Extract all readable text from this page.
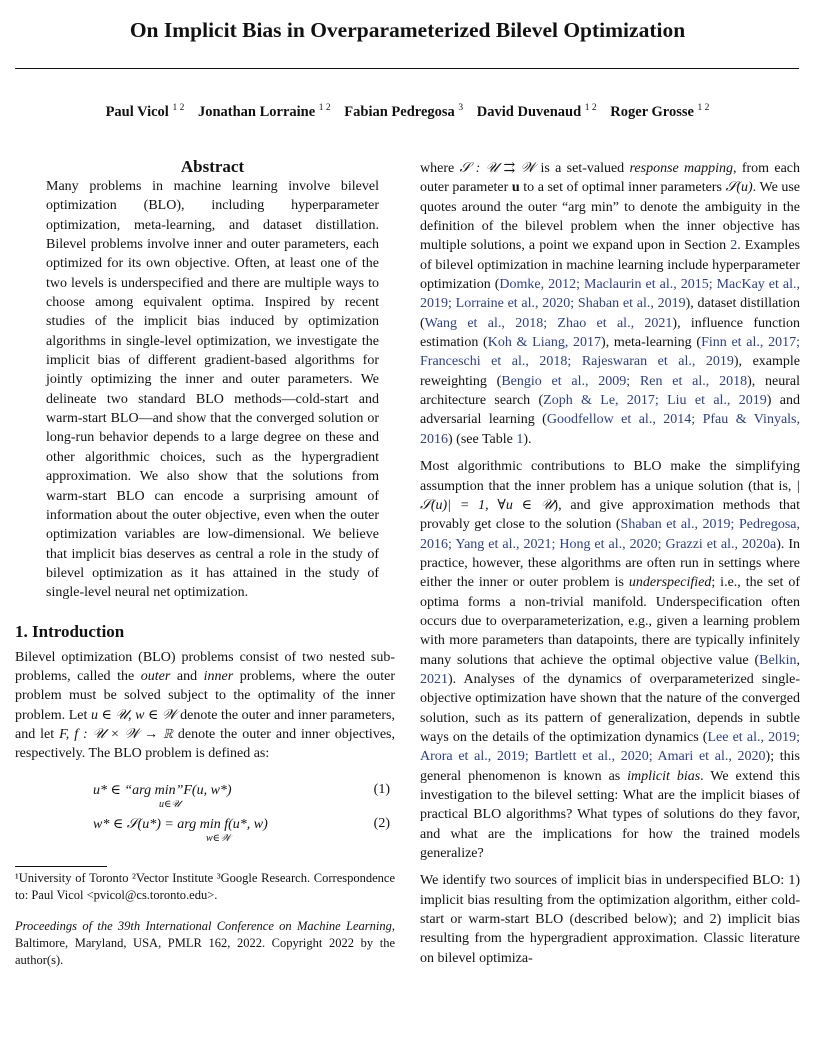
On Implicit Bias in Overparameterized Bilevel Optimization
Paul Vicol $^{1 2}$ Jonathan Lorraine $^{1 2}$ Fabian Pedregosa $^3$ David Duvenaud $^{1 2}$ Roger Grosse $^{1 2}$
Abstract

Many problems in machine learning involve bilevel optimization (BLO), including hyperparameter optimization, meta-learning, and dataset distillation. Bilevel problems involve inner and outer parameters, each optimized for its own objective. Often, at least one of the two levels is underspecified and there are multiple ways to choose among equivalent optima. Inspired by recent studies of the implicit bias induced by optimization algorithms in single-level optimization, we investigate the implicit bias of different gradient-based algorithms for jointly optimizing the inner and outer parameters. We delineate two standard BLO methods—cold-start and warm-start BLO—and show that the converged solution or long-run behavior depends to a large degree on these and other algorithmic choices, such as the hypergradient approximation. We also show that the solutions from warm-start BLO can encode a surprising amount of information about the outer objective, even when the outer optimization variables are low-dimensional. We believe that implicit bias deserves as central a role in the study of bilevel optimization as it has attained in the study of single-level neural net optimization.

1. Introduction

Bilevel optimization (BLO) problems consist of two nested sub-problems, called the outer and inner problems, where the outer problem must be solved subject to the optimality of the inner problem. Let u ∈ 𝒰, w ∈ 𝒲 denote the outer and inner parameters, and let F, f : 𝒰 × 𝒲 → ℝ denote the outer and inner objectives, respectively. The BLO problem is defined as:

u* ∈ “arg min”F(u, w*)
u∈𝒰
(1)
w* ∈ 𝒮(u*) = arg min f(u*, w)
w∈𝒲
(2)

¹University of Toronto ²Vector Institute ³Google Research. Correspondence to: Paul Vicol <pvicol@cs.toronto.edu>.

Proceedings of the 39th International Conference on Machine Learning, Baltimore, Maryland, USA, PMLR 162, 2022. Copyright 2022 by the author(s).

where 𝒮 : 𝒰 ⇉ 𝒲 is a set-valued response mapping, from each outer parameter u to a set of optimal inner parameters 𝒮(u). We use quotes around the outer “arg min” to denote the ambiguity in the definition of the bilevel problem when the inner objective has multiple solutions, a point we expand upon in Section 2. Examples of bilevel optimization in machine learning include hyperparameter optimization (Domke, 2012; Maclaurin et al., 2015; MacKay et al., 2019; Lorraine et al., 2020; Shaban et al., 2019), dataset distillation (Wang et al., 2018; Zhao et al., 2021), influence function estimation (Koh & Liang, 2017), meta-learning (Finn et al., 2017; Franceschi et al., 2018; Rajeswaran et al., 2019), example reweighting (Bengio et al., 2009; Ren et al., 2018), neural architecture search (Zoph & Le, 2017; Liu et al., 2019) and adversarial learning (Goodfellow et al., 2014; Pfau & Vinyals, 2016) (see Table 1).

Most algorithmic contributions to BLO make the simplifying assumption that the inner problem has a unique solution (that is, |𝒮(u)| = 1, ∀u ∈ 𝒰), and give approximation methods that provably get close to the solution (Shaban et al., 2019; Pedregosa, 2016; Yang et al., 2021; Hong et al., 2020; Grazzi et al., 2020a). In practice, however, these algorithms are often run in settings where either the inner or outer problem is underspecified; i.e., the set of optima forms a non-trivial manifold. Underspecification often occurs due to overparameterization, e.g., given a learning problem with more parameters than datapoints, there are typically infinitely many solutions that achieve the optimal objective value (Belkin, 2021). Analyses of the dynamics of overparameterized single-objective optimization have shown that the nature of the converged solution, such as its pattern of generalization, depends in subtle ways on the details of the optimization dynamics (Lee et al., 2019; Arora et al., 2019; Bartlett et al., 2020; Amari et al., 2020); this general phenomenon is known as implicit bias. We extend this investigation to the bilevel setting: What are the implicit biases of practical BLO algorithms? What types of solutions do they favor, and what are the implications for how the trained models generalize?

We identify two sources of implicit bias in underspecified BLO: 1) implicit bias resulting from the optimization algorithm, either cold-start or warm-start BLO (described below); and 2) implicit bias resulting from the hypergradient approximation. Classic literature on bilevel optimiza-
